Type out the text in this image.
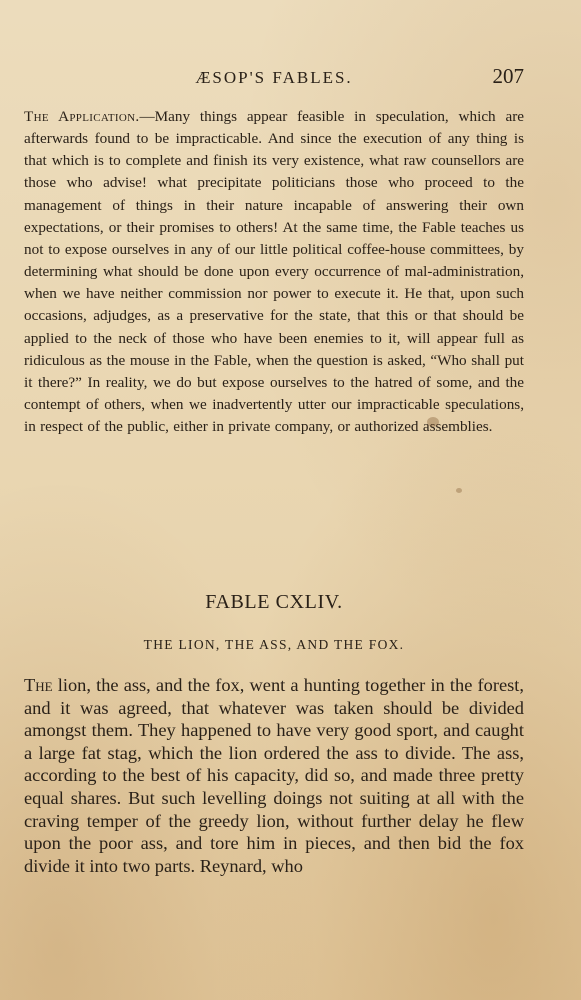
ÆSOP'S FABLES.	207
The Application.—Many things appear feasible in speculation, which are afterwards found to be impracticable. And since the execution of any thing is that which is to complete and finish its very existence, what raw counsellors are those who advise! what precipitate politicians those who proceed to the management of things in their nature incapable of answering their own expectations, or their promises to others! At the same time, the Fable teaches us not to expose ourselves in any of our little political coffee-house committees, by determining what should be done upon every occurrence of mal-administration, when we have neither commission nor power to execute it. He that, upon such occasions, adjudges, as a preservative for the state, that this or that should be applied to the neck of those who have been enemies to it, will appear full as ridiculous as the mouse in the Fable, when the question is asked, “Who shall put it there?” In reality, we do but expose ourselves to the hatred of some, and the contempt of others, when we inadvertently utter our impracticable speculations, in respect of the public, either in private company, or authorized assemblies.
FABLE CXLIV.
THE LION, THE ASS, AND THE FOX.
The lion, the ass, and the fox, went a hunting together in the forest, and it was agreed, that whatever was taken should be divided amongst them. They happened to have very good sport, and caught a large fat stag, which the lion ordered the ass to divide. The ass, according to the best of his capacity, did so, and made three pretty equal shares. But such levelling doings not suiting at all with the craving temper of the greedy lion, without further delay he flew upon the poor ass, and tore him in pieces, and then bid the fox divide it into two parts. Reynard, who
